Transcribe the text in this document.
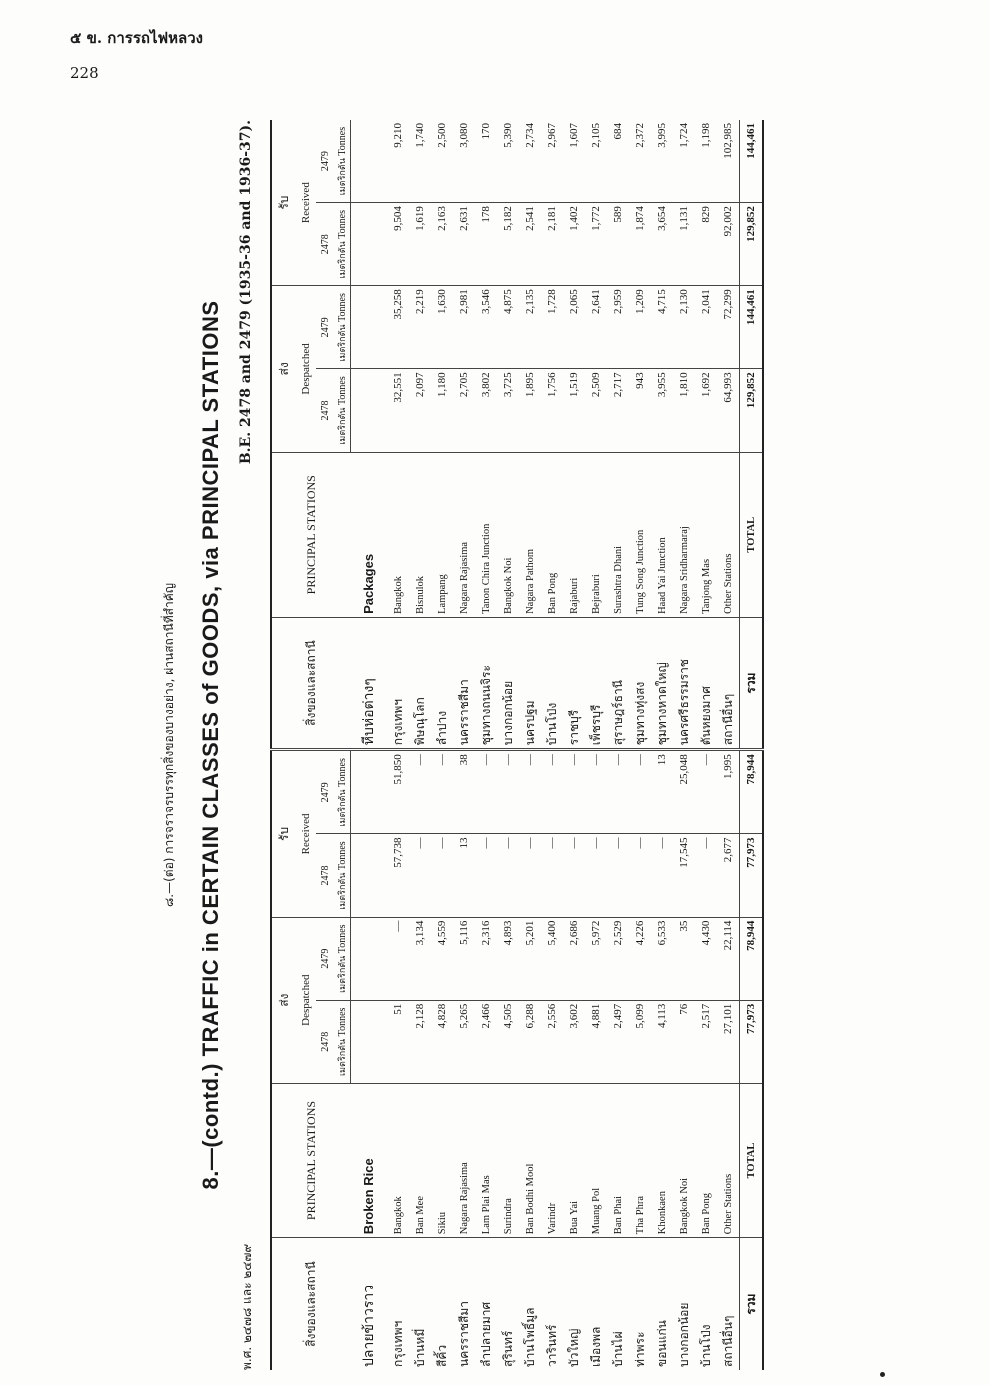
๕ ข. การรถไฟหลวง
228
๘.—(ต่อ) การจราจรบรรทุกสิ่งของบางอย่าง, ผ่านสถานีที่สำคัญ 8.—(contd.) TRAFFIC in CERTAIN CLASSES of GOODS, via PRINCIPAL STATIONS
พ.ศ. ๒๔๗๘ และ ๒๔๗๙
B.E. 2478 and 2479 (1935-36 and 1936-37).
สิ่งของและสถานี	PRINCIPAL STATIONS	ส่ง		รับ		สิ่งของและสถานี	PRINCIPAL STATIONS	ส่ง		รับ	
		Despatched		Received				Despatched		Received	
		2478	2479	2478	2479			2478	2479	2478	2479
		เมตริกตัน Tonnes	เมตริกตัน Tonnes	เมตริกตัน Tonnes	เมตริกตัน Tonnes			เมตริกตัน Tonnes	เมตริกตัน Tonnes	เมตริกตัน Tonnes	เมตริกตัน Tonnes
ปลายข้าวราว	Broken Rice					หีบห่อต่างๆ	Packages				
กรุงเทพฯ	Bangkok	51	—	57,738	51,850	กรุงเทพฯ	Bangkok	32,551	35,258	9,504	9,210
บ้านหมี่	Ban Mee	2,128	3,134	—	—	พิษณุโลก	Bisnulok	2,097	2,219	1,619	1,740
สีคิ้ว	Sikiu	4,828	4,559	—	—	ลำปาง	Lampang	1,180	1,630	2,163	2,500
นครราชสีมา	Nagara Rajasima	5,265	5,116	13	38	นครราชสีมา	Nagara Rajasima	2,705	2,981	2,631	3,080
ลำปลายมาศ	Lam Plai Mas	2,466	2,316	—	—	ชุมทางถนนจิระ	Tanon Chira Junction	3,802	3,546	178	170
สุรินทร์	Surindra	4,505	4,893	—	—	บางกอกน้อย	Bangkok Noi	3,725	4,875	5,182	5,390
บ้านโพธิ์มูล	Ban Bodhi Mool	6,288	5,201	—	—	นครปฐม	Nagara Pathom	1,895	2,135	2,541	2,734
วารินทร์	Varindr	2,556	5,400	—	—	บ้านโป่ง	Ban Pong	1,756	1,728	2,181	2,967
บัวใหญ่	Bua Yai	3,602	2,686	—	—	ราชบุรี	Rajaburi	1,519	2,065	1,402	1,607
เมืองพล	Muang Pol	4,881	5,972	—	—	เพ็ชรบุรี	Bejraburi	2,509	2,641	1,772	2,105
บ้านไผ่	Ban Phai	2,497	2,529	—	—	สุราษฎร์ธานี	Surashtra Dhani	2,717	2,959	589	684
ท่าพระ	Tha Phra	5,099	4,226	—	—	ชุมทางทุ่งสง	Tung Song Junction	943	1,209	1,874	2,372
ขอนแก่น	Khonkaen	4,113	6,533	—	13	ชุมทางหาดใหญ่	Haad Yai Junction	3,955	4,715	3,654	3,995
บางกอกน้อย	Bangkok Noi	76	35	17,545	25,048	นครศรีธรรมราช	Nagara Sridharmaraj	1,810	2,130	1,131	1,724
บ้านโป่ง	Ban Pong	2,517	4,430	—	—	ตันหยงมาศ	Tanjong Mas	1,692	2,041	829	1,198
สถานีอื่นๆ	Other Stations	27,101	22,114	2,677	1,995	สถานีอื่นๆ	Other Stations	64,993	72,299	92,002	102,985
รวม	TOTAL	77,973	78,944	77,973	78,944	รวม	TOTAL	129,852	144,461	129,852	144,461
